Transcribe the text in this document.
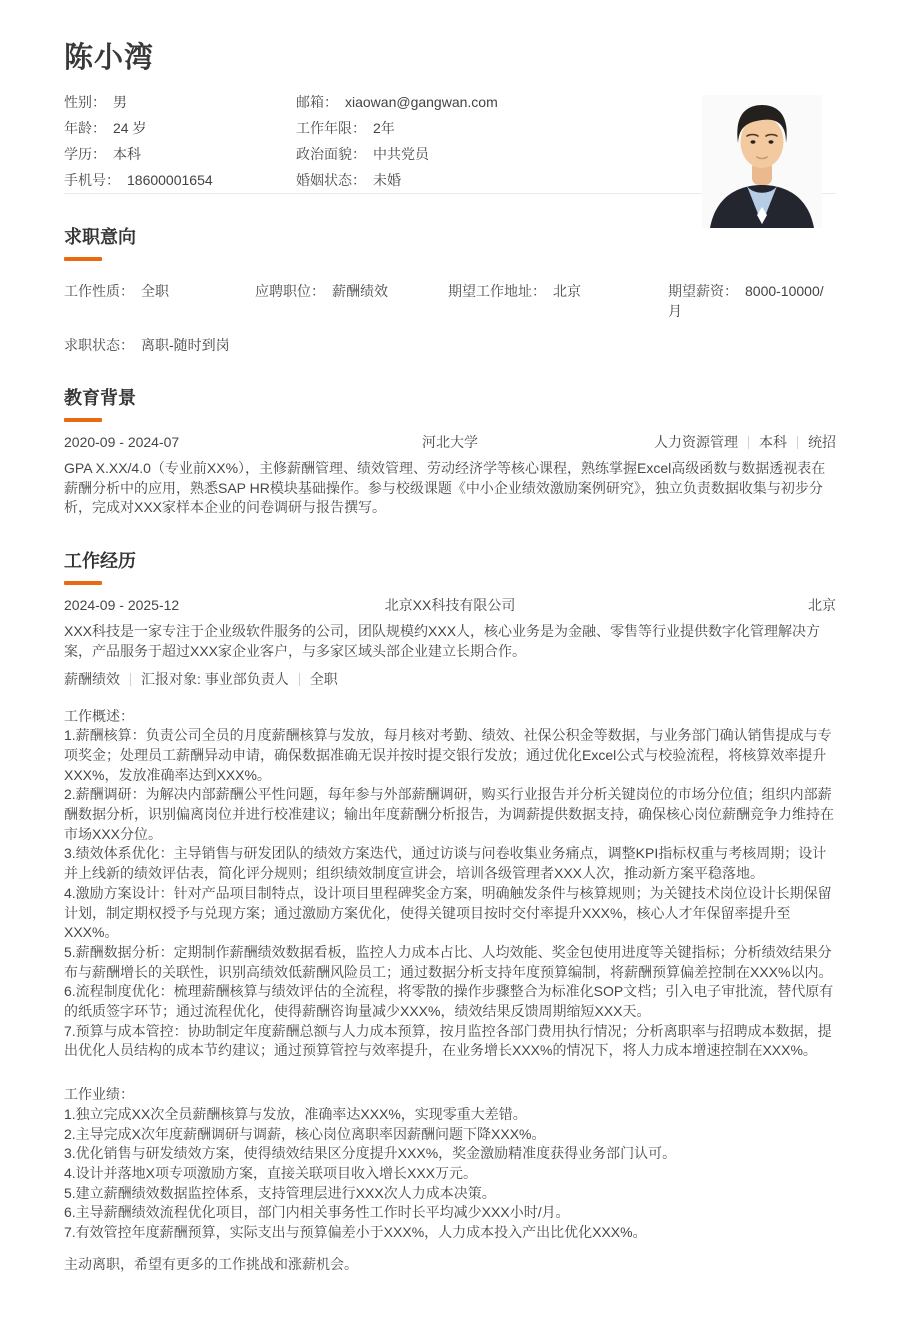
陈小湾
性别： 男	邮箱： xiaowan@gangwan.com
年龄： 24 岁	工作年限： 2年
学历： 本科	政治面貌： 中共党员
手机号： 18600001654	婚姻状态： 未婚
求职意向
工作性质： 全职	应聘职位： 薪酬绩效	期望工作地址： 北京	期望薪资： 8000-10000/月
求职状态： 离职-随时到岗
教育背景
2020-09 - 2024-07	河北大学	人力资源管理 本科 统招

GPA X.XX/4.0（专业前XX%），主修薪酬管理、绩效管理、劳动经济学等核心课程，熟练掌握Excel高级函数与数据透视表在薪酬分析中的应用，熟悉SAP HR模块基础操作。参与校级课题《中小企业绩效激励案例研究》，独立负责数据收集与初步分析，完成对XXX家样本企业的问卷调研与报告撰写。

工作经历
2024-09 - 2025-12	北京XX科技有限公司	北京

XXX科技是一家专注于企业级软件服务的公司，团队规模约XXX人，核心业务是为金融、零售等行业提供数字化管理解决方案，产品服务于超过XXX家企业客户，与多家区域头部企业建立长期合作。

薪酬绩效 汇报对象: 事业部负责人 全职

工作概述：

1.薪酬核算：负责公司全员的月度薪酬核算与发放，每月核对考勤、绩效、社保公积金等数据，与业务部门确认销售提成与专项奖金；处理员工薪酬异动申请，确保数据准确无误并按时提交银行发放；通过优化Excel公式与校验流程，将核算效率提升XXX%，发放准确率达到XXX%。

2.薪酬调研：为解决内部薪酬公平性问题，每年参与外部薪酬调研，购买行业报告并分析关键岗位的市场分位值；组织内部薪酬数据分析，识别偏离岗位并进行校准建议；输出年度薪酬分析报告，为调薪提供数据支持，确保核心岗位薪酬竞争力维持在市场XXX分位。

3.绩效体系优化：主导销售与研发团队的绩效方案迭代，通过访谈与问卷收集业务痛点，调整KPI指标权重与考核周期；设计并上线新的绩效评估表，简化评分规则；组织绩效制度宣讲会，培训各级管理者XXX人次，推动新方案平稳落地。

4.激励方案设计：针对产品项目制特点，设计项目里程碑奖金方案，明确触发条件与核算规则；为关键技术岗位设计长期保留计划，制定期权授予与兑现方案；通过激励方案优化，使得关键项目按时交付率提升XXX%，核心人才年保留率提升至XXX%。

5.薪酬数据分析：定期制作薪酬绩效数据看板，监控人力成本占比、人均效能、奖金包使用进度等关键指标；分析绩效结果分布与薪酬增长的关联性，识别高绩效低薪酬风险员工；通过数据分析支持年度预算编制，将薪酬预算偏差控制在XXX%以内。

6.流程制度优化：梳理薪酬核算与绩效评估的全流程，将零散的操作步骤整合为标准化SOP文档；引入电子审批流，替代原有的纸质签字环节；通过流程优化，使得薪酬咨询量减少XXX%，绩效结果反馈周期缩短XXX天。

7.预算与成本管控：协助制定年度薪酬总额与人力成本预算，按月监控各部门费用执行情况；分析离职率与招聘成本数据，提出优化人员结构的成本节约建议；通过预算管控与效率提升，在业务增长XXX%的情况下，将人力成本增速控制在XXX%。

工作业绩：

1.独立完成XX次全员薪酬核算与发放，准确率达XXX%，实现零重大差错。

2.主导完成X次年度薪酬调研与调薪，核心岗位离职率因薪酬问题下降XXX%。

3.优化销售与研发绩效方案，使得绩效结果区分度提升XXX%，奖金激励精准度获得业务部门认可。

4.设计并落地X项专项激励方案，直接关联项目收入增长XXX万元。

5.建立薪酬绩效数据监控体系，支持管理层进行XXX次人力成本决策。

6.主导薪酬绩效流程优化项目，部门内相关事务性工作时长平均减少XXX小时/月。

7.有效管控年度薪酬预算，实际支出与预算偏差小于XXX%，人力成本投入产出比优化XXX%。

主动离职，希望有更多的工作挑战和涨薪机会。
